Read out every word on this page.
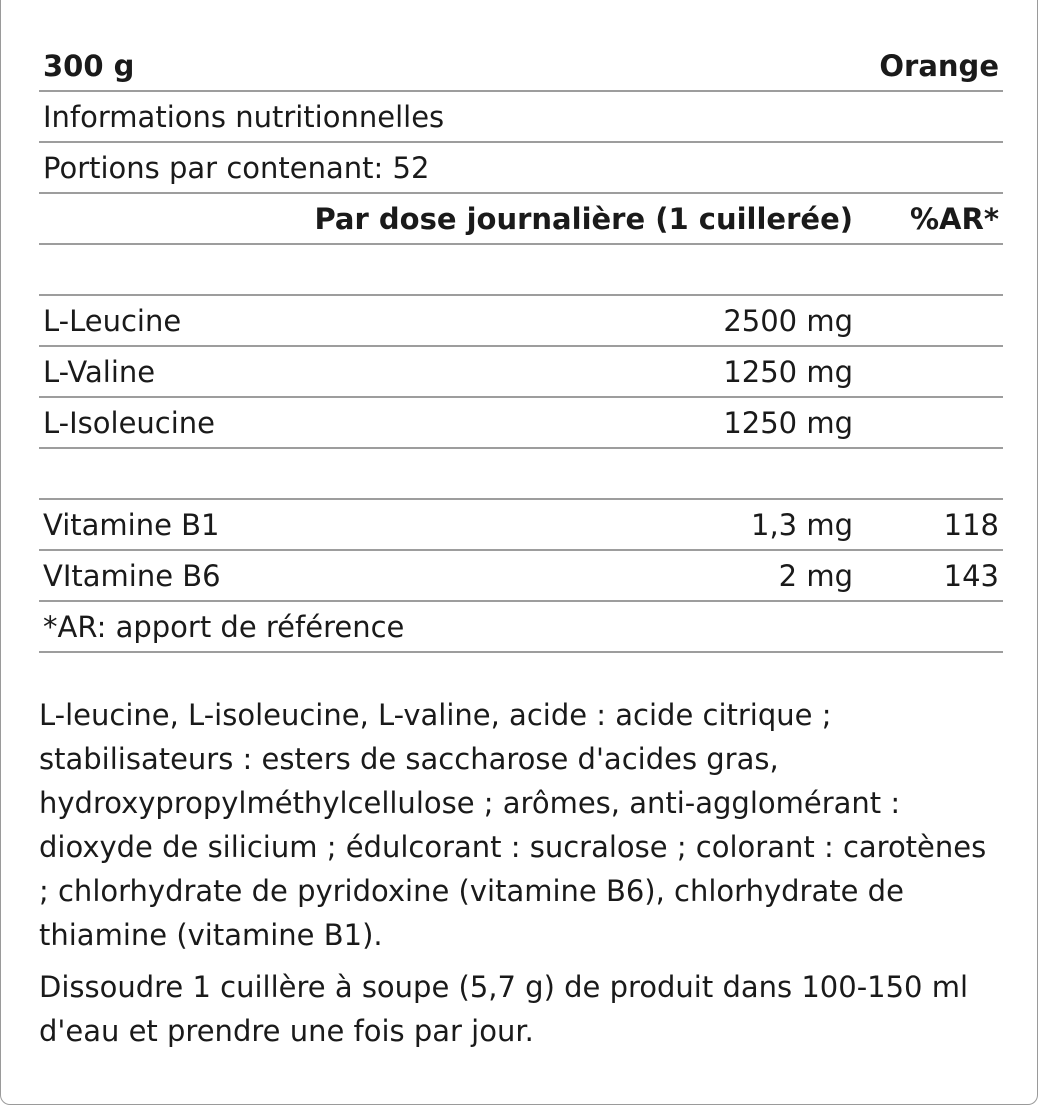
300 g	Orange
Informations nutritionnelles
Portions par contenant: 52
Par dose journalière (1 cuillerée) %AR*
L-Leucine	2500 mg
L-Valine	1250 mg
L-Isoleucine	1250 mg
Vitamine B1	1,3 mg	118
VItamine B6	2 mg	143
*AR: apport de référence

L-leucine, L-isoleucine, L-valine, acide : acide citrique ; stabilisateurs : esters de saccharose d'acides gras, hydroxypropylméthylcellulose ; arômes, anti-agglomérant : dioxyde de silicium ; édulcorant : sucralose ; colorant : carotènes ; chlorhydrate de pyridoxine (vitamine B6), chlorhydrate de thiamine (vitamine B1).

Dissoudre 1 cuillère à soupe (5,7 g) de produit dans 100-150 ml d'eau et prendre une fois par jour.
